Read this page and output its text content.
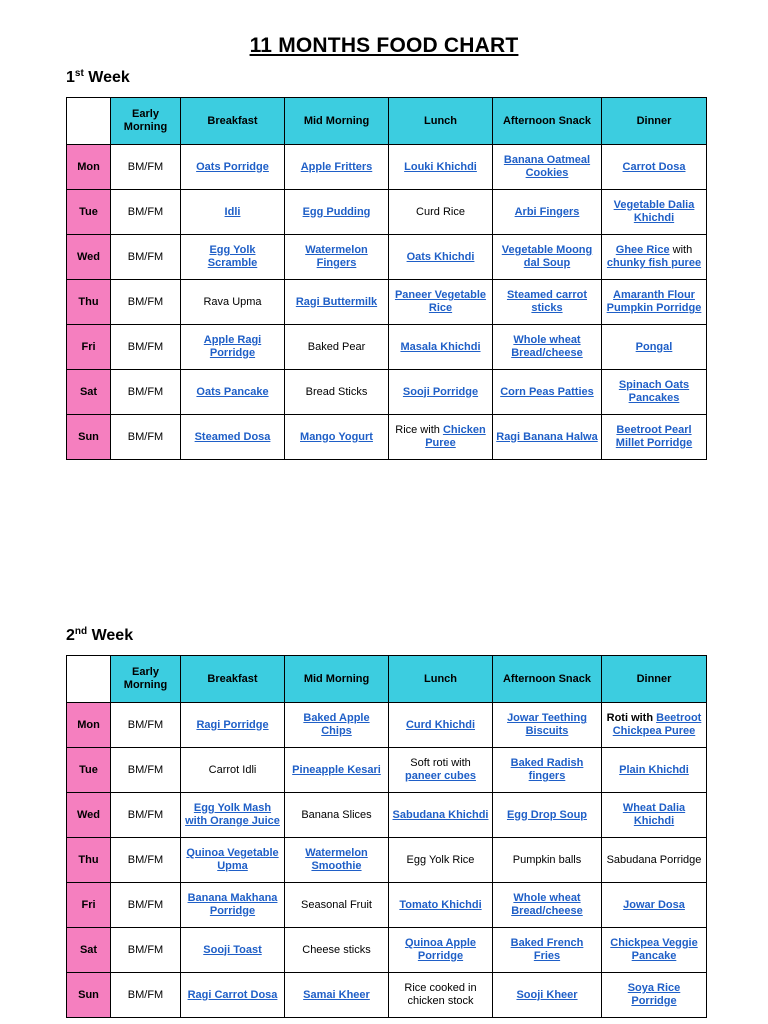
11 MONTHS FOOD CHART
1st Week
	Early Morning	Breakfast	Mid Morning	Lunch	Afternoon Snack	Dinner
Mon	BM/FM	Oats Porridge	Apple Fritters	Louki Khichdi	Banana Oatmeal Cookies	Carrot Dosa
Tue	BM/FM	Idli	Egg Pudding	Curd Rice	Arbi Fingers	Vegetable Dalia Khichdi
Wed	BM/FM	Egg Yolk Scramble	Watermelon Fingers	Oats Khichdi	Vegetable Moong dal Soup	Ghee Rice with chunky fish puree
Thu	BM/FM	Rava Upma	Ragi Buttermilk	Paneer Vegetable Rice	Steamed carrot sticks	Amaranth Flour Pumpkin Porridge
Fri	BM/FM	Apple Ragi Porridge	Baked Pear	Masala Khichdi	Whole wheat Bread/cheese	Pongal
Sat	BM/FM	Oats Pancake	Bread Sticks	Sooji Porridge	Corn Peas Patties	Spinach Oats Pancakes
Sun	BM/FM	Steamed Dosa	Mango Yogurt	Rice with Chicken Puree	Ragi Banana Halwa	Beetroot Pearl Millet Porridge
2nd Week
	Early Morning	Breakfast	Mid Morning	Lunch	Afternoon Snack	Dinner
Mon	BM/FM	Ragi Porridge	Baked Apple Chips	Curd Khichdi	Jowar Teething Biscuits	Roti with Beetroot Chickpea Puree
Tue	BM/FM	Carrot Idli	Pineapple Kesari	Soft roti with paneer cubes	Baked Radish fingers	Plain Khichdi
Wed	BM/FM	Egg Yolk Mash with Orange Juice	Banana Slices	Sabudana Khichdi	Egg Drop Soup	Wheat Dalia Khichdi
Thu	BM/FM	Quinoa Vegetable Upma	Watermelon Smoothie	Egg Yolk Rice	Pumpkin balls	Sabudana Porridge
Fri	BM/FM	Banana Makhana Porridge	Seasonal Fruit	Tomato Khichdi	Whole wheat Bread/cheese	Jowar Dosa
Sat	BM/FM	Sooji Toast	Cheese sticks	Quinoa Apple Porridge	Baked French Fries	Chickpea Veggie Pancake
Sun	BM/FM	Ragi Carrot Dosa	Samai Kheer	Rice cooked in chicken stock	Sooji Kheer	Soya Rice Porridge
